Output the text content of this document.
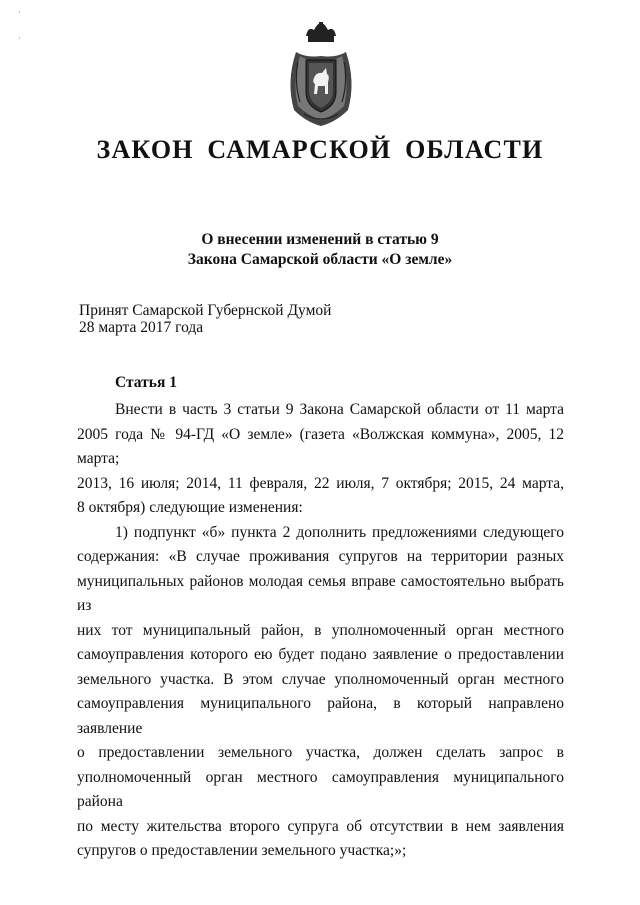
·
·
ЗАКОН САМАРСКОЙ ОБЛАСТИ
О внесении изменений в статью 9
Закона Самарской области «О земле»
Принят Самарской Губернской Думой
28 марта 2017 года
Статья 1
Внести в часть 3 статьи 9 Закона Самарской области от 11 марта
2005 года № 94-ГД «О земле» (газета «Волжская коммуна», 2005, 12 марта;
2013, 16 июля; 2014, 11 февраля, 22 июля, 7 октября; 2015, 24 марта,
8 октября) следующие изменения:
1) подпункт «б» пункта 2 дополнить предложениями следующего
содержания: «В случае проживания супругов на территории разных
муниципальных районов молодая семья вправе самостоятельно выбрать из
них тот муниципальный район, в уполномоченный орган местного
самоуправления которого ею будет подано заявление о предоставлении
земельного участка. В этом случае уполномоченный орган местного
самоуправления муниципального района, в который направлено заявление
о предоставлении земельного участка, должен сделать запрос в
уполномоченный орган местного самоуправления муниципального района
по месту жительства второго супруга об отсутствии в нем заявления
супругов о предоставлении земельного участка;»;
